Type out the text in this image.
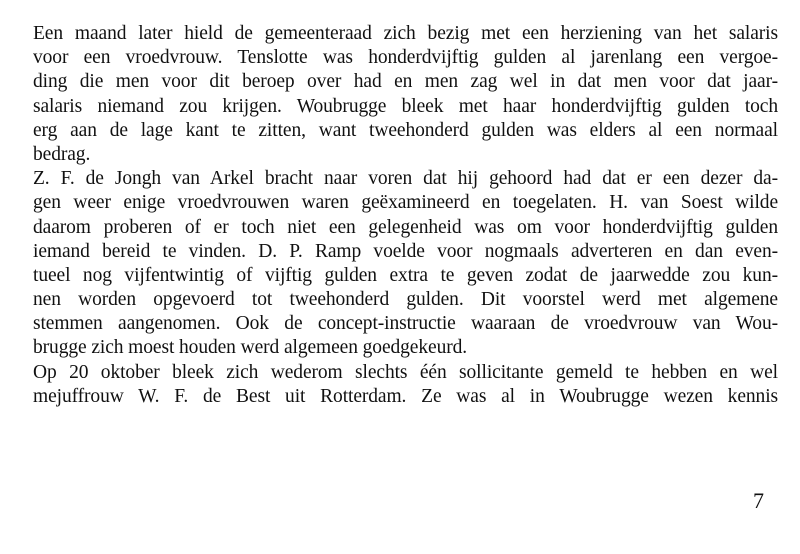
Een maand later hield de gemeenteraad zich bezig met een herziening van het salaris
voor een vroedvrouw. Tenslotte was honderdvijftig gulden al jarenlang een vergoe-
ding die men voor dit beroep over had en men zag wel in dat men voor dat jaar-
salaris niemand zou krijgen. Woubrugge bleek met haar honderdvijftig gulden toch
erg aan de lage kant te zitten, want tweehonderd gulden was elders al een normaal
bedrag.
Z. F. de Jongh van Arkel bracht naar voren dat hij gehoord had dat er een dezer da-
gen weer enige vroedvrouwen waren geëxamineerd en toegelaten. H. van Soest wilde
daarom proberen of er toch niet een gelegenheid was om voor honderdvijftig gulden
iemand bereid te vinden. D. P. Ramp voelde voor nogmaals adverteren en dan even-
tueel nog vijfentwintig of vijftig gulden extra te geven zodat de jaarwedde zou kun-
nen worden opgevoerd tot tweehonderd gulden. Dit voorstel werd met algemene
stemmen aangenomen. Ook de concept-instructie waaraan de vroedvrouw van Wou-
brugge zich moest houden werd algemeen goedgekeurd.
Op 20 oktober bleek zich wederom slechts één sollicitante gemeld te hebben en wel
mejuffrouw W. F. de Best uit Rotterdam. Ze was al in Woubrugge wezen kennis
7
